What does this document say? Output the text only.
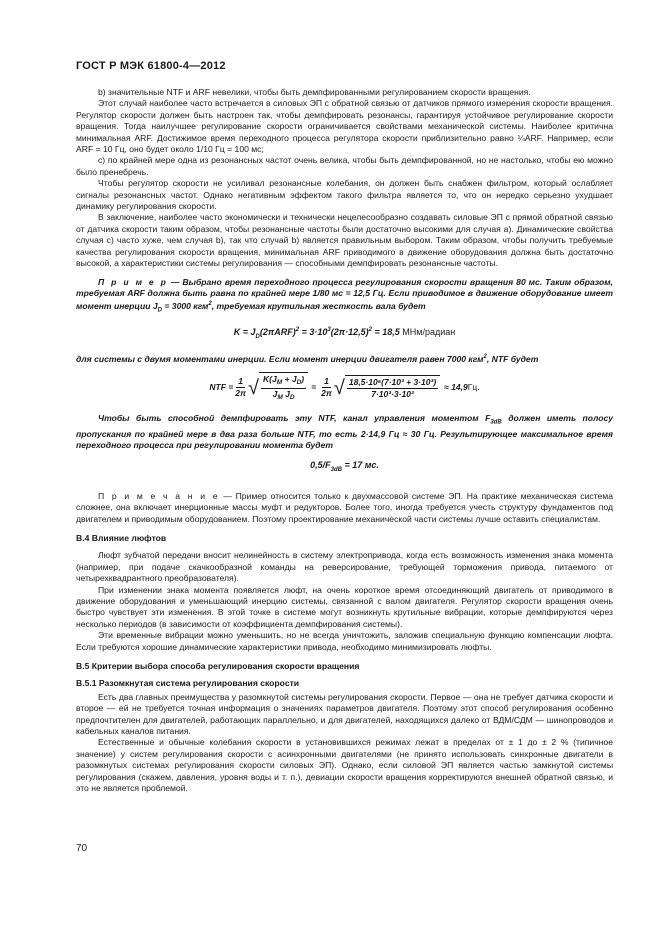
ГОСТ Р МЭК 61800-4—2012

b) значительные NTF и ARF невелики, чтобы быть демпфированными регулированием скорости вращения.

Этот случай наиболее часто встречается в силовых ЭП с обратной связью от датчиков прямого измерения скорости вращения. Регулятор скорости должен быть настроен так, чтобы демпфировать резонансы, гарантируя устойчивое регулирование скорости вращения. Тогда наилучшее регулирование скорости ограничивается свойствами механической системы. Наиболее критична минимальная ARF. Достижимое время переходного процесса регулятора скорости приблизительно равно ¼ARF. Например, если ARF = 10 Гц, оно будет около 1/10 Гц = 100 мс;

с) по крайней мере одна из резонансных частот очень велика, чтобы быть демпфированной, но не настолько, чтобы ею можно было пренебречь.

Чтобы регулятор скорости не усиливал резонансные колебания, он должен быть снабжен фильтром, который ослабляет сигналы резонансных частот. Однако негативным эффектом такого фильтра является то, что он нередко серьезно ухудшает динамику регулирования скорости.

В заключение, наиболее часто экономически и технически нецелесообразно создавать силовые ЭП с прямой обратной связью от датчика скорости таким образом, чтобы резонансные частоты были достаточно высокими для случая а). Динамические свойства случая с) часто хуже, чем случая b), так что случай b) является правильным выбором. Таким образом, чтобы получить требуемые качества регулирования скорости вращения, минимальная ARF приводимого в движение оборудования должна быть достаточно высокой, а характеристики системы регулирования — способными демпфировать резонансные частоты.

П р и м е р — Выбрано время переходного процесса регулирования скорости вращения 80 мс. Таким образом, требуемая ARF должна быть равна по крайней мере 1/80 мс = 12,5 Гц. Если приводимое в движение оборудование имеет момент инерции $J_D = 3000$ кгм$^2$, требуемая крутильная жесткость вала будет

$K = J_D(2\pi ARF)^2 = 3\cdot 10^3(2\pi\cdot 12,5)^2 = 18,5$ МНм/радиан

для системы с двумя моментами инерции. Если момент инерции двигателя равен 7000 кгм$^2$, NTF будет

NTF = $\frac{1}{2\pi}$ √ $K(J_M + J_D)$
$J_M$ $J_D$
= $\frac{1}{2\pi}$ √ 18,5·10⁶(7·10³ + 3·10³)
7·10³·3·10³
≈ 14,9 Гц.

Чтобы быть способной демпфировать эту NTF, канал управления моментом $F_{3dB}$ должен иметь полосу пропускания по крайней мере в два раза больше NTF, то есть 2·14,9 Гц ≈ 30 Гц. Результирующее максимальное время переходного процесса при регулировании момента будет

$0,5/F_{3dB} = 17$ мс.

П р и м е ч а н и е — Пример относится только к двухмассовой системе ЭП. На практике механическая система сложнее, она включает инерционные массы муфт и редукторов. Более того, иногда требуется учесть структуру фундаментов под двигателем и приводимым оборудованием. Поэтому проектирование механической части системы лучше оставить специалистам.

В.4 Влияние люфтов

Люфт зубчатой передачи вносит нелинейность в систему электропривода, когда есть возможность изменения знака момента (например, при подаче скачкообразной команды на реверсирование, требующей торможения привода, питаемого от четырехквадрантного преобразователя).

При изменении знака момента появляется люфт, на очень короткое время отсоединяющий двигатель от приводимого в движение оборудования и уменьшающий инерцию системы, связанной с валом двигателя. Регулятор скорости вращения очень быстро чувствует эти изменения. В этой точке в системе могут возникнуть крутильные вибрации, которые демпфируются через несколько периодов (в зависимости от коэффициента демпфирования системы).

Эти временные вибрации можно уменьшить, но не всегда уничтожить, заложив специальную функцию компенсации люфта. Если требуются хорошие динамические характеристики привода, необходимо минимизировать люфты.

В.5 Критерии выбора способа регулирования скорости вращения
В.5.1 Разомкнутая система регулирования скорости

Есть два главных преимущества у разомкнутой системы регулирования скорости. Первое — она не требует датчика скорости и второе — ей не требуется точная информация о значениях параметров двигателя. Поэтому этот способ регулирования особенно предпочтителен для двигателей, работающих параллельно, и для двигателей, находящихся далеко от ВДМ/СДМ — шинопроводов и кабельных каналов питания.

Естественные и обычные колебания скорости в установившихся режимах лежат в пределах от ± 1 до ± 2 % (типичное значение) у систем регулирования скорости с асинхронными двигателями (не принято использовать синхронные двигатели в разомкнутых системах регулирования скорости силовых ЭП). Однако, если силовой ЭП является частью замкнутой системы регулирования (скажем, давления, уровня воды и т. п.), девиации скорости вращения корректируются внешней обратной связью, и это не является проблемой.

70
